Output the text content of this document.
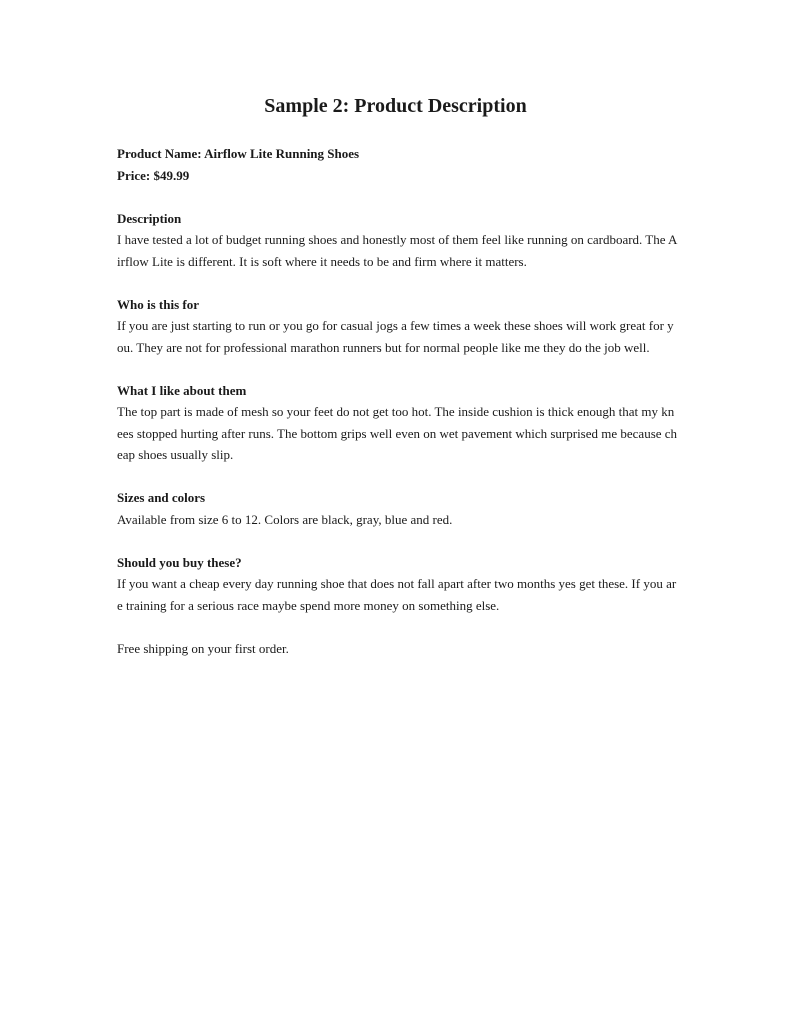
Sample 2: Product Description
Product Name: Airflow Lite Running Shoes
Price: $49.99
Description
I have tested a lot of budget running shoes and honestly most of them feel like running on cardboard. The A
irflow Lite is different. It is soft where it needs to be and firm where it matters.
Who is this for
If you are just starting to run or you go for casual jogs a few times a week these shoes will work great for y
ou. They are not for professional marathon runners but for normal people like me they do the job well.
What I like about them
The top part is made of mesh so your feet do not get too hot. The inside cushion is thick enough that my kn
ees stopped hurting after runs. The bottom grips well even on wet pavement which surprised me because ch
eap shoes usually slip.
Sizes and colors
Available from size 6 to 12. Colors are black, gray, blue and red.
Should you buy these?
If you want a cheap every day running shoe that does not fall apart after two months yes get these. If you ar
e training for a serious race maybe spend more money on something else.
Free shipping on your first order.
